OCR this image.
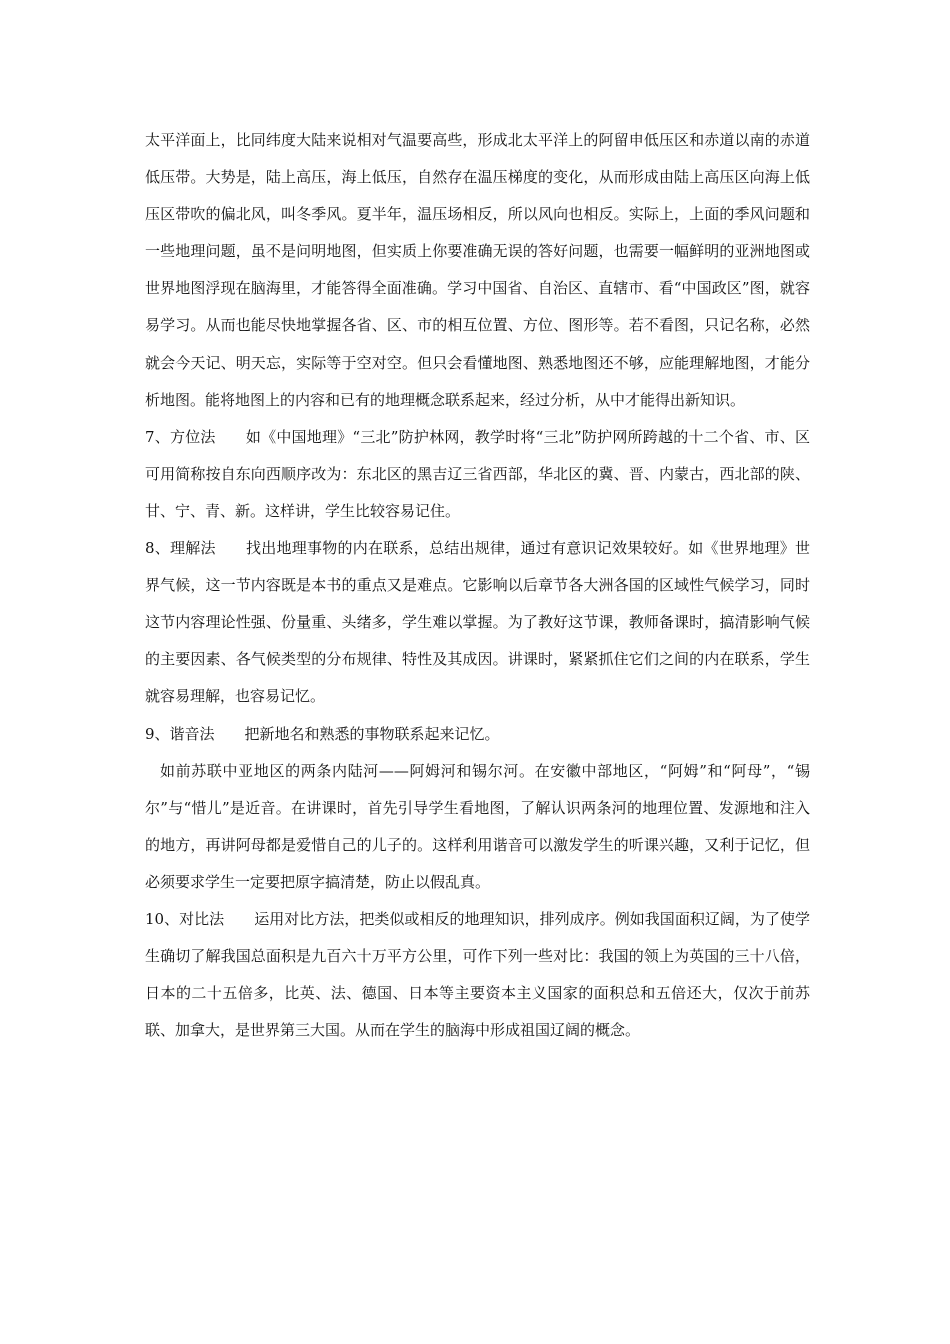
太平洋面上，比同纬度大陆来说相对气温要高些，形成北太平洋上的阿留申低压区和赤道以南的赤道低压带。大势是，陆上高压，海上低压，自然存在温压梯度的变化，从而形成由陆上高压区向海上低压区带吹的偏北风，叫冬季风。夏半年，温压场相反，所以风向也相反。实际上，上面的季风问题和一些地理问题，虽不是问明地图，但实质上你要准确无误的答好问题，也需要一幅鲜明的亚洲地图或世界地图浮现在脑海里，才能答得全面准确。学习中国省、自治区、直辖市、看“中国政区”图，就容易学习。从而也能尽快地掌握各省、区、市的相互位置、方位、图形等。若不看图，只记名称，必然就会今天记、明天忘，实际等于空对空。但只会看懂地图、熟悉地图还不够，应能理解地图，才能分析地图。能将地图上的内容和已有的地理概念联系起来，经过分析，从中才能得出新知识。

7、方位法 如《中国地理》“三北”防护林网，教学时将“三北”防护网所跨越的十二个省、市、区可用简称按自东向西顺序改为：东北区的黑吉辽三省西部，华北区的冀、晋、内蒙古，西北部的陕、甘、宁、青、新。这样讲，学生比较容易记住。

8、理解法 找出地理事物的内在联系，总结出规律，通过有意识记效果较好。如《世界地理》世界气候，这一节内容既是本书的重点又是难点。它影响以后章节各大洲各国的区域性气候学习，同时这节内容理论性强、份量重、头绪多，学生难以掌握。为了教好这节课，教师备课时，搞清影响气候的主要因素、各气候类型的分布规律、特性及其成因。讲课时，紧紧抓住它们之间的内在联系，学生就容易理解，也容易记忆。

9、谐音法 把新地名和熟悉的事物联系起来记忆。

如前苏联中亚地区的两条内陆河——阿姆河和锡尔河。在安徽中部地区，“阿姆”和“阿母”，“锡尔”与“惜儿”是近音。在讲课时，首先引导学生看地图，了解认识两条河的地理位置、发源地和注入的地方，再讲阿母都是爱惜自己的儿子的。这样利用谐音可以激发学生的听课兴趣，又利于记忆，但必须要求学生一定要把原字搞清楚，防止以假乱真。

10、对比法 运用对比方法，把类似或相反的地理知识，排列成序。例如我国面积辽阔，为了使学生确切了解我国总面积是九百六十万平方公里，可作下列一些对比：我国的领上为英国的三十八倍，日本的二十五倍多，比英、法、德国、日本等主要资本主义国家的面积总和五倍还大，仅次于前苏联、加拿大，是世界第三大国。从而在学生的脑海中形成祖国辽阔的概念。
